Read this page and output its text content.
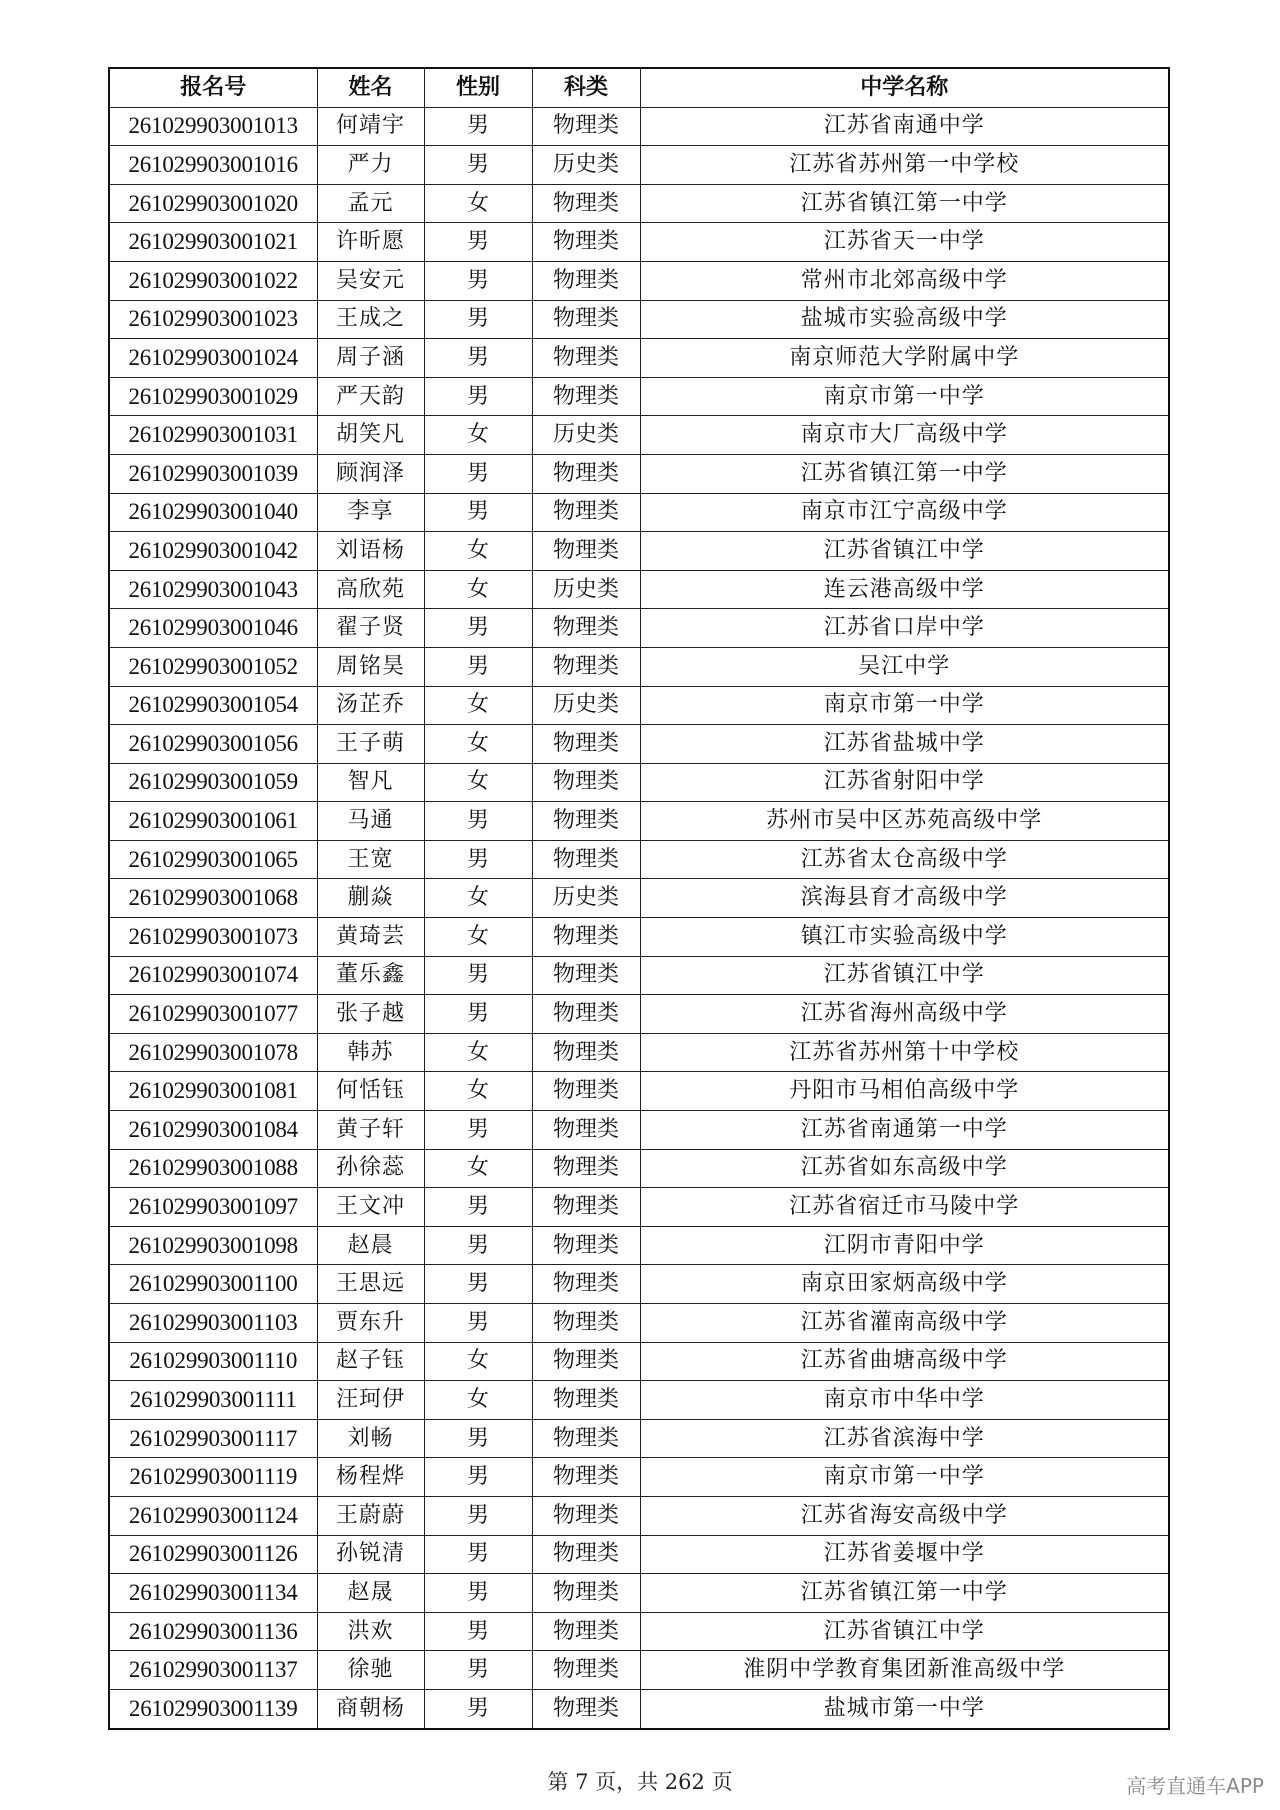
报名号	姓名	性别	科类	中学名称
261029903001013	何靖宇	男	物理类	江苏省南通中学
261029903001016	严力	男	历史类	江苏省苏州第一中学校
261029903001020	孟元	女	物理类	江苏省镇江第一中学
261029903001021	许昕愿	男	物理类	江苏省天一中学
261029903001022	吴安元	男	物理类	常州市北郊高级中学
261029903001023	王成之	男	物理类	盐城市实验高级中学
261029903001024	周子涵	男	物理类	南京师范大学附属中学
261029903001029	严天韵	男	物理类	南京市第一中学
261029903001031	胡笑凡	女	历史类	南京市大厂高级中学
261029903001039	顾润泽	男	物理类	江苏省镇江第一中学
261029903001040	李享	男	物理类	南京市江宁高级中学
261029903001042	刘语杨	女	物理类	江苏省镇江中学
261029903001043	高欣苑	女	历史类	连云港高级中学
261029903001046	翟子贤	男	物理类	江苏省口岸中学
261029903001052	周铭昊	男	物理类	吴江中学
261029903001054	汤芷乔	女	历史类	南京市第一中学
261029903001056	王子萌	女	物理类	江苏省盐城中学
261029903001059	智凡	女	物理类	江苏省射阳中学
261029903001061	马通	男	物理类	苏州市吴中区苏苑高级中学
261029903001065	王宽	男	物理类	江苏省太仓高级中学
261029903001068	蒯焱	女	历史类	滨海县育才高级中学
261029903001073	黄琦芸	女	物理类	镇江市实验高级中学
261029903001074	董乐鑫	男	物理类	江苏省镇江中学
261029903001077	张子越	男	物理类	江苏省海州高级中学
261029903001078	韩苏	女	物理类	江苏省苏州第十中学校
261029903001081	何恬钰	女	物理类	丹阳市马相伯高级中学
261029903001084	黄子轩	男	物理类	江苏省南通第一中学
261029903001088	孙徐蕊	女	物理类	江苏省如东高级中学
261029903001097	王文冲	男	物理类	江苏省宿迁市马陵中学
261029903001098	赵晨	男	物理类	江阴市青阳中学
261029903001100	王思远	男	物理类	南京田家炳高级中学
261029903001103	贾东升	男	物理类	江苏省灌南高级中学
261029903001110	赵子钰	女	物理类	江苏省曲塘高级中学
261029903001111	汪珂伊	女	物理类	南京市中华中学
261029903001117	刘畅	男	物理类	江苏省滨海中学
261029903001119	杨程烨	男	物理类	南京市第一中学
261029903001124	王蔚蔚	男	物理类	江苏省海安高级中学
261029903001126	孙锐清	男	物理类	江苏省姜堰中学
261029903001134	赵晟	男	物理类	江苏省镇江第一中学
261029903001136	洪欢	男	物理类	江苏省镇江中学
261029903001137	徐驰	男	物理类	淮阴中学教育集团新淮高级中学
261029903001139	商朝杨	男	物理类	盐城市第一中学
第 7 页，共 262 页	高考直通车APP
